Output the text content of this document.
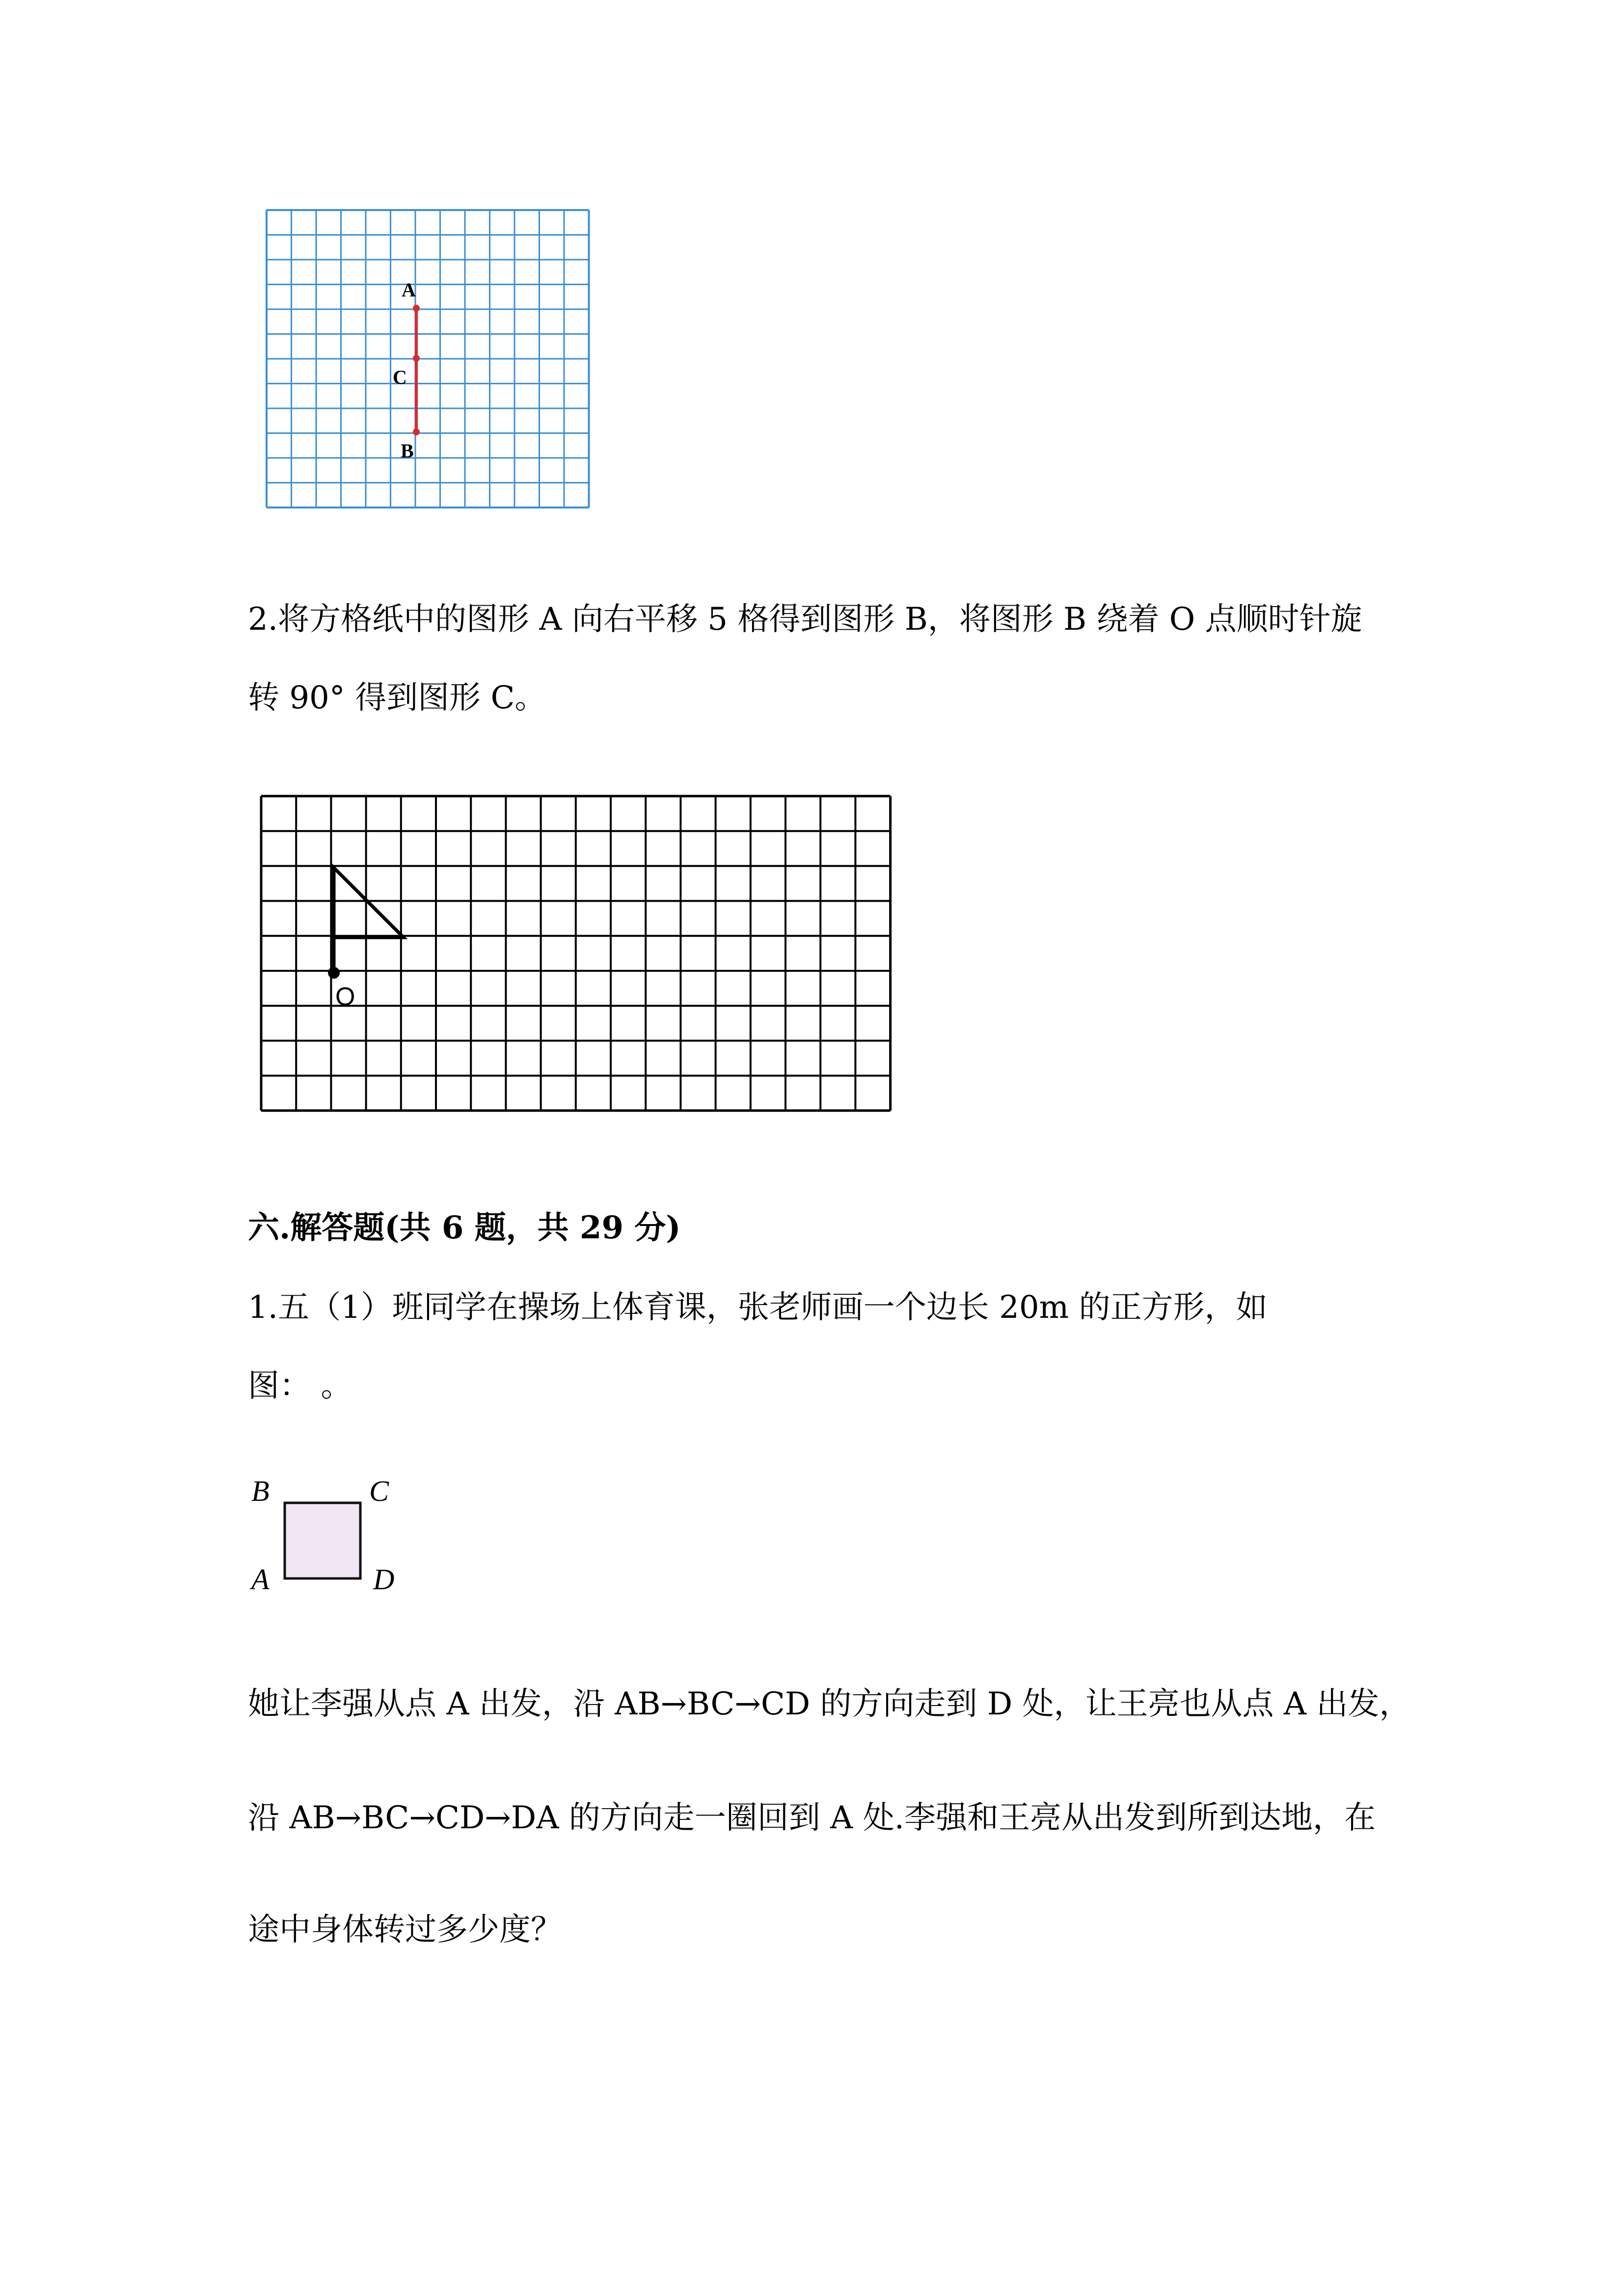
A
C
B
2.将方格纸中的图形 A 向右平移 5 格得到图形 B，将图形 B 绕着 O 点顺时针旋
转 90° 得到图形 C。
O
六.解答题(共 6 题，共 29 分)
1.五（1）班同学在操场上体育课，张老师画一个边长 20m 的正方形，如
图： 。
B	C
A	D
她让李强从点 A 出发，沿 AB→BC→CD 的方向走到 D 处，让王亮也从点 A 出发，
沿 AB→BC→CD→DA 的方向走一圈回到 A 处.李强和王亮从出发到所到达地，在
途中身体转过多少度？
